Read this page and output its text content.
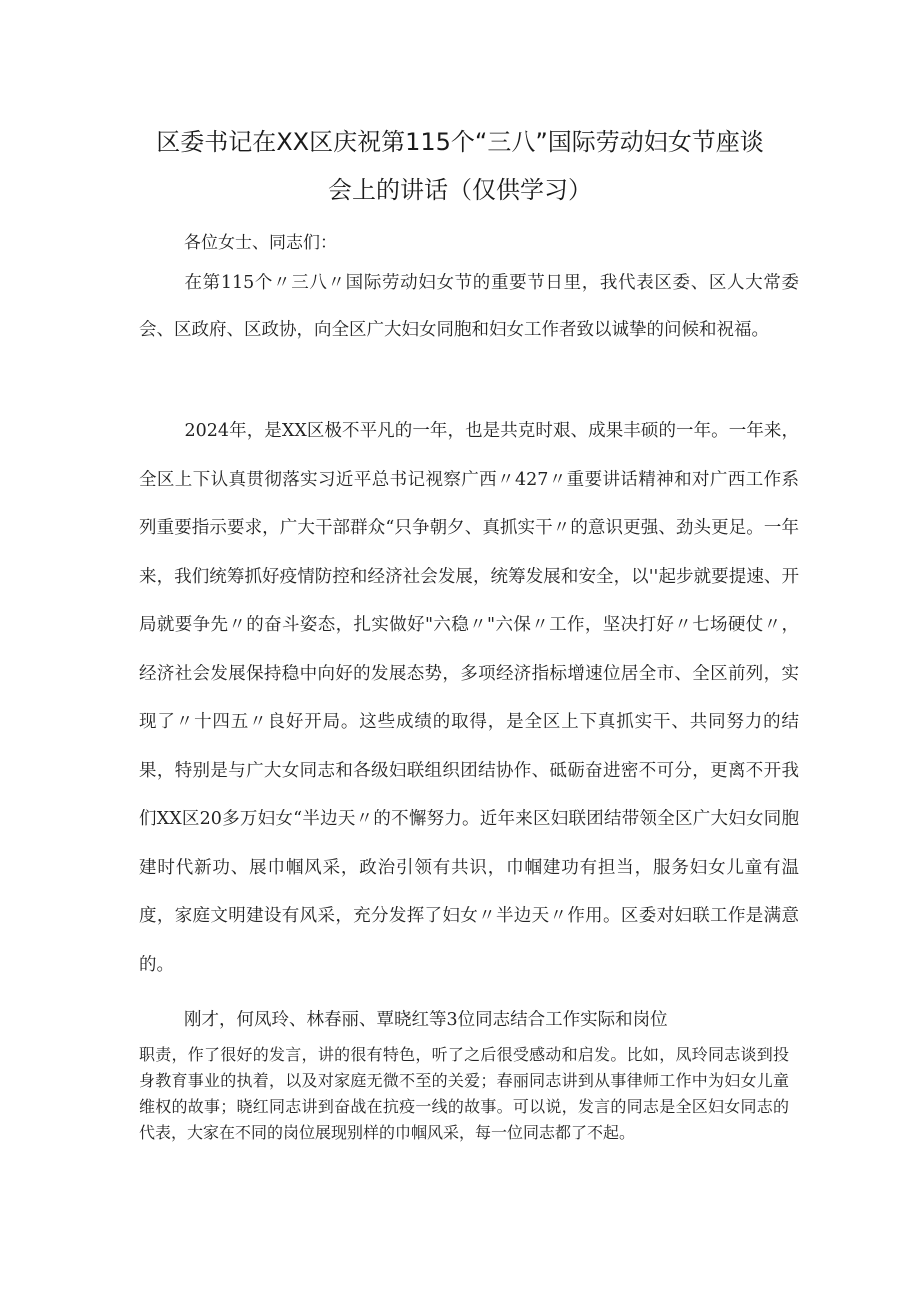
区委书记在XX区庆祝第115个“三八”国际劳动妇女节座谈
会上的讲话（仅供学习）
各位女士、同志们：

在第115个〃三八〃国际劳动妇女节的重要节日里，我代表区委、区人大常委会、区政府、区政协，向全区广大妇女同胞和妇女工作者致以诚挚的问候和祝福。

2024年，是XX区极不平凡的一年，也是共克时艰、成果丰硕的一年。一年来，全区上下认真贯彻落实习近平总书记视察广西〃427〃重要讲话精神和对广西工作系列重要指示要求，广大干部群众“只争朝夕、真抓实干〃的意识更强、劲头更足。一年来，我们统筹抓好疫情防控和经济社会发展，统筹发展和安全，以''起步就要提速、开局就要争先〃的奋斗姿态，扎实做好"六稳〃"六保〃工作，坚决打好〃七场硬仗〃，经济社会发展保持稳中向好的发展态势，多项经济指标增速位居全市、全区前列，实现了〃十四五〃良好开局。这些成绩的取得，是全区上下真抓实干、共同努力的结果，特别是与广大女同志和各级妇联组织团结协作、砥砺奋进密不可分，更离不开我们XX区20多万妇女“半边天〃的不懈努力。近年来区妇联团结带领全区广大妇女同胞建时代新功、展巾帼风采，政治引领有共识，巾帼建功有担当，服务妇女儿童有温度，家庭文明建设有风采，充分发挥了妇女〃半边天〃作用。区委对妇联工作是满意的。

刚才，何凤玲、林春丽、覃晓红等3位同志结合工作实际和岗位

职责，作了很好的发言，讲的很有特色，听了之后很受感动和启发。比如，凤玲同志谈到投身教育事业的执着，以及对家庭无微不至的关爱；春丽同志讲到从事律师工作中为妇女儿童维权的故事；晓红同志讲到奋战在抗疫一线的故事。可以说，发言的同志是全区妇女同志的代表，大家在不同的岗位展现别样的巾帼风采，每一位同志都了不起。
